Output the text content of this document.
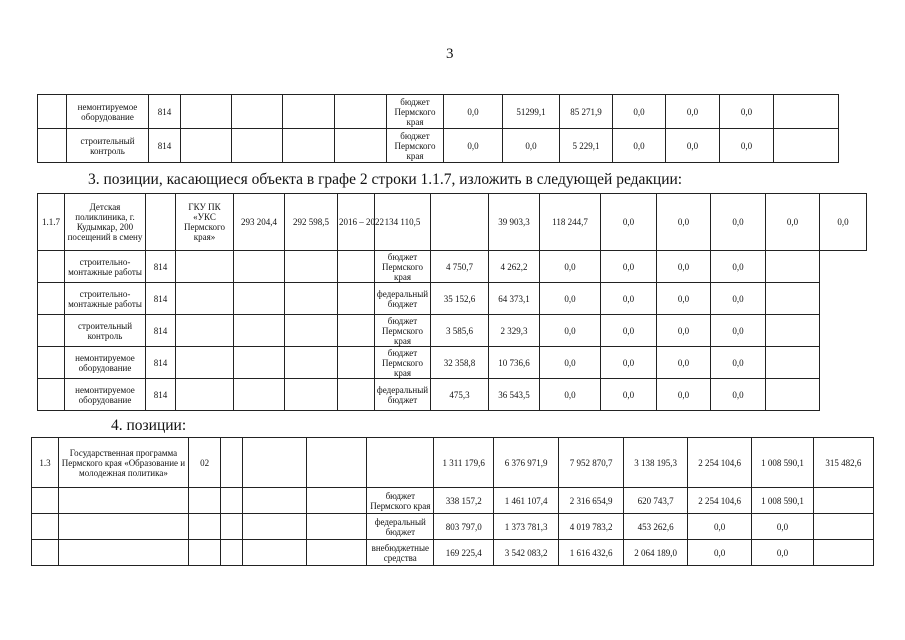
3
	немонтируемое оборудование	814					бюджет Пермского края	0,0	51299,1	85 271,9	0,0	0,0	0,0	
	строительный контроль	814					бюджет Пермского края	0,0	0,0	5 229,1	0,0	0,0	0,0	
3. позиции, касающиеся объекта в графе 2 строки 1.1.7, изложить в следующей редакции:
1.1.7	Детская поликлиника, г. Кудымкар, 200 посещений в смену		ГКУ ПК «УКС Пермского края»	293 204,4	292 598,5	2016 – 2022	134 110,5		39 903,3	118 244,7	0,0	0,0	0,0	0,0	0,0
	строительно-монтажные работы	814					бюджет Пермского края	4 750,7	4 262,2	0,0	0,0	0,0	0,0		
	строительно-монтажные работы	814					федеральный бюджет	35 152,6	64 373,1	0,0	0,0	0,0	0,0		
	строительный контроль	814					бюджет Пермского края	3 585,6	2 329,3	0,0	0,0	0,0	0,0		
	немонтируемое оборудование	814					бюджет Пермского края	32 358,8	10 736,6	0,0	0,0	0,0	0,0		
	немонтируемое оборудование	814					федеральный бюджет	475,3	36 543,5	0,0	0,0	0,0	0,0		
4. позиции:
1.3	Государственная программа Пермского края «Образование и молодежная политика»	02					1 311 179,6	6 376 971,9	7 952 870,7	3 138 195,3	2 254 104,6	1 008 590,1	315 482,6
						бюджет Пермского края	338 157,2	1 461 107,4	2 316 654,9	620 743,7	2 254 104,6	1 008 590,1	
						федеральный бюджет	803 797,0	1 373 781,3	4 019 783,2	453 262,6	0,0	0,0	
						внебюджетные средства	169 225,4	3 542 083,2	1 616 432,6	2 064 189,0	0,0	0,0	
